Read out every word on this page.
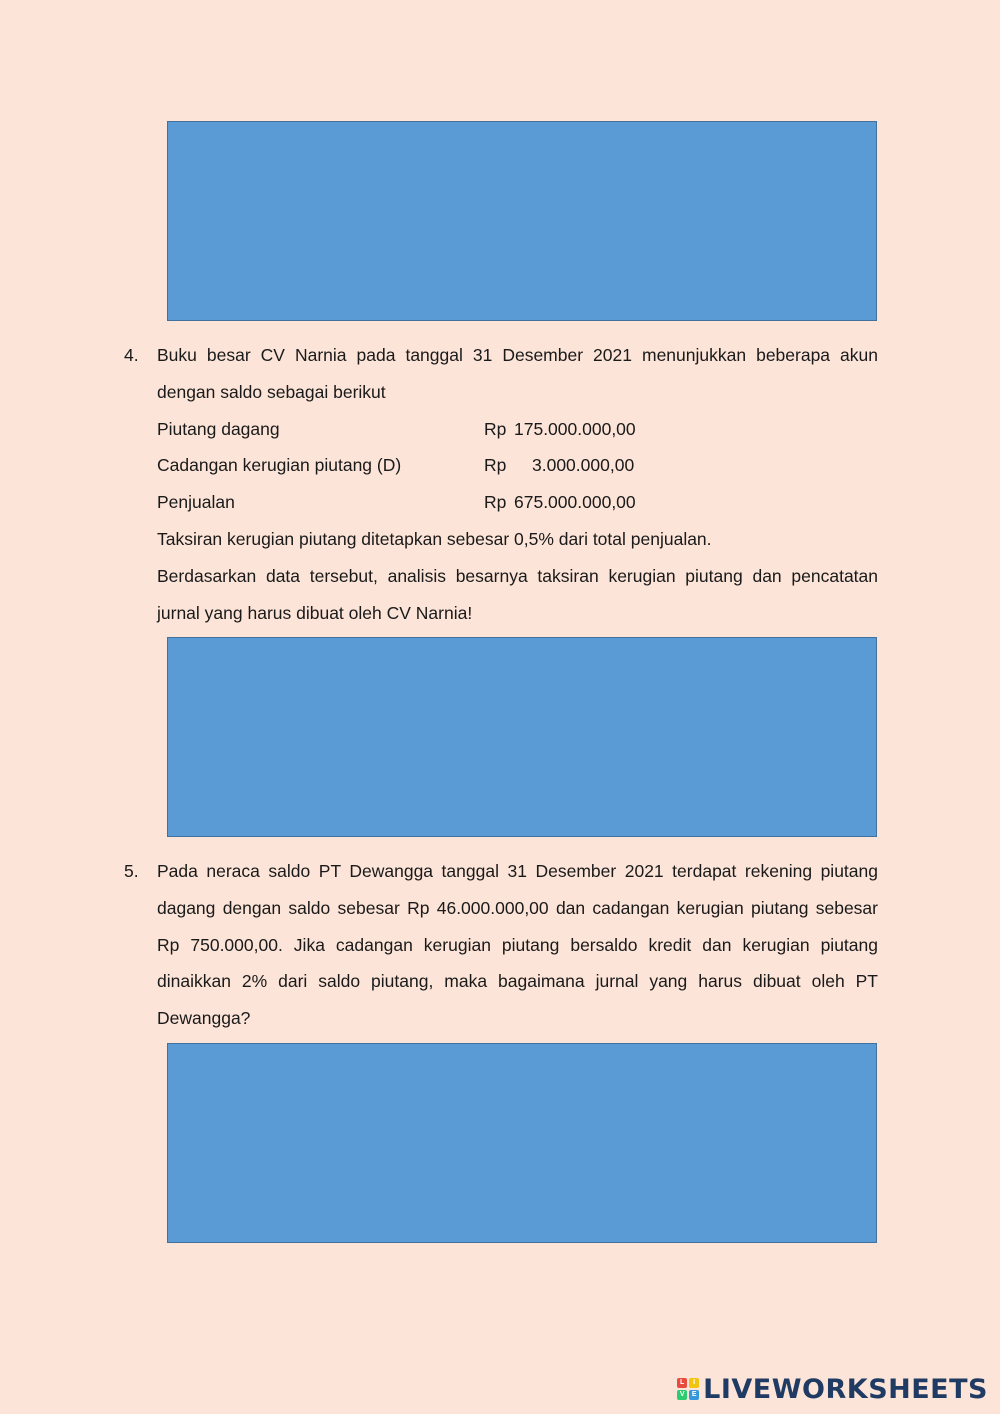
4.	Buku besar CV Narnia pada tanggal 31 Desember 2021 menunjukkan beberapa akun dengan saldo sebagai berikut
Piutang dagang	Rp 175.000.000,00
Cadangan kerugian piutang (D)	Rp 3.000.000,00
Penjualan	Rp 675.000.000,00
Taksiran kerugian piutang ditetapkan sebesar 0,5% dari total penjualan.
Berdasarkan data tersebut, analisis besarnya taksiran kerugian piutang dan pencatatan jurnal yang harus dibuat oleh CV Narnia!
5.	Pada neraca saldo PT Dewangga tanggal 31 Desember 2021 terdapat rekening piutang dagang dengan saldo sebesar Rp 46.000.000,00 dan cadangan kerugian piutang sebesar Rp 750.000,00. Jika cadangan kerugian piutang bersaldo kredit dan kerugian piutang dinaikkan 2% dari saldo piutang, maka bagaimana jurnal yang harus dibuat oleh PT Dewangga?
L	I
V	E LIVEWORKSHEETS
